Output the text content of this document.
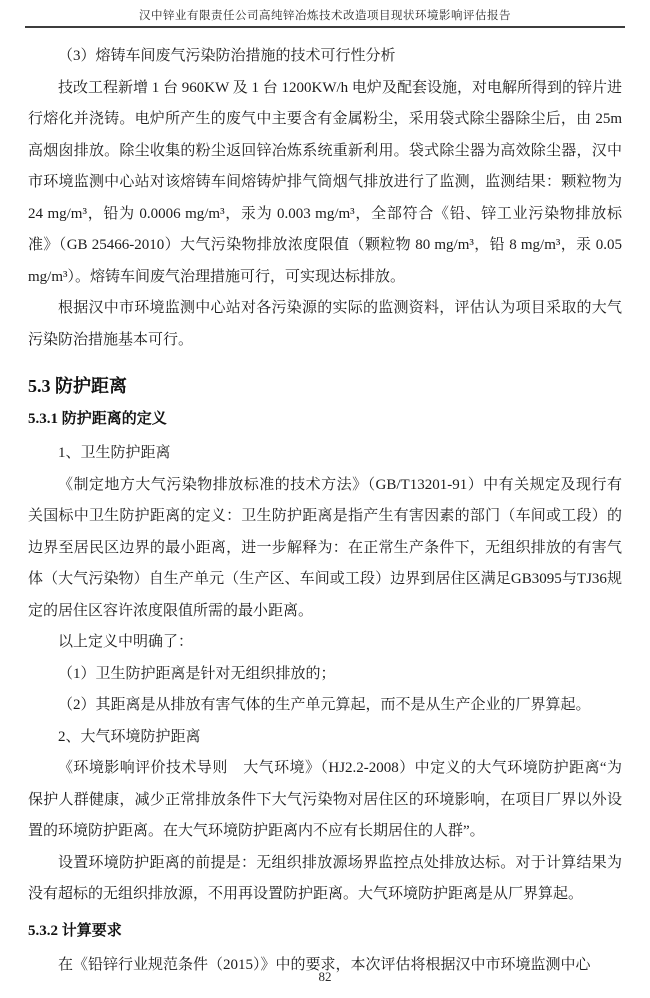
汉中锌业有限责任公司高纯锌冶炼技术改造项目现状环境影响评估报告

（3）熔铸车间废气污染防治措施的技术可行性分析

技改工程新增 1 台 960KW 及 1 台 1200KW/h 电炉及配套设施，对电解所得到的锌片进行熔化并浇铸。电炉所产生的废气中主要含有金属粉尘，采用袋式除尘器除尘后，由 25m 高烟囱排放。除尘收集的粉尘返回锌冶炼系统重新利用。袋式除尘器为高效除尘器，汉中市环境监测中心站对该熔铸车间熔铸炉排气筒烟气排放进行了监测，监测结果：颗粒物为 24 mg/m³，铅为 0.0006 mg/m³，汞为 0.003 mg/m³，全部符合《铅、锌工业污染物排放标准》（GB 25466-2010）大气污染物排放浓度限值（颗粒物 80 mg/m³，铅 8 mg/m³，汞 0.05 mg/m³）。熔铸车间废气治理措施可行，可实现达标排放。

根据汉中市环境监测中心站对各污染源的实际的监测资料，评估认为项目采取的大气污染防治措施基本可行。

5.3 防护距离
5.3.1 防护距离的定义

1、卫生防护距离

《制定地方大气污染物排放标准的技术方法》（GB/T13201-91）中有关规定及现行有关国标中卫生防护距离的定义：卫生防护距离是指产生有害因素的部门（车间或工段）的边界至居民区边界的最小距离，进一步解释为：在正常生产条件下，无组织排放的有害气体（大气污染物）自生产单元（生产区、车间或工段）边界到居住区满足GB3095与TJ36规定的居住区容许浓度限值所需的最小距离。

以上定义中明确了：

（1）卫生防护距离是针对无组织排放的；

（2）其距离是从排放有害气体的生产单元算起，而不是从生产企业的厂界算起。

2、大气环境防护距离

《环境影响评价技术导则　大气环境》（HJ2.2-2008）中定义的大气环境防护距离“为保护人群健康，减少正常排放条件下大气污染物对居住区的环境影响，在项目厂界以外设置的环境防护距离。在大气环境防护距离内不应有长期居住的人群”。

设置环境防护距离的前提是：无组织排放源场界监控点处排放达标。对于计算结果为没有超标的无组织排放源，不用再设置防护距离。大气环境防护距离是从厂界算起。

5.3.2 计算要求

在《铅锌行业规范条件（2015）》中的要求，本次评估将根据汉中市环境监测中心

82
